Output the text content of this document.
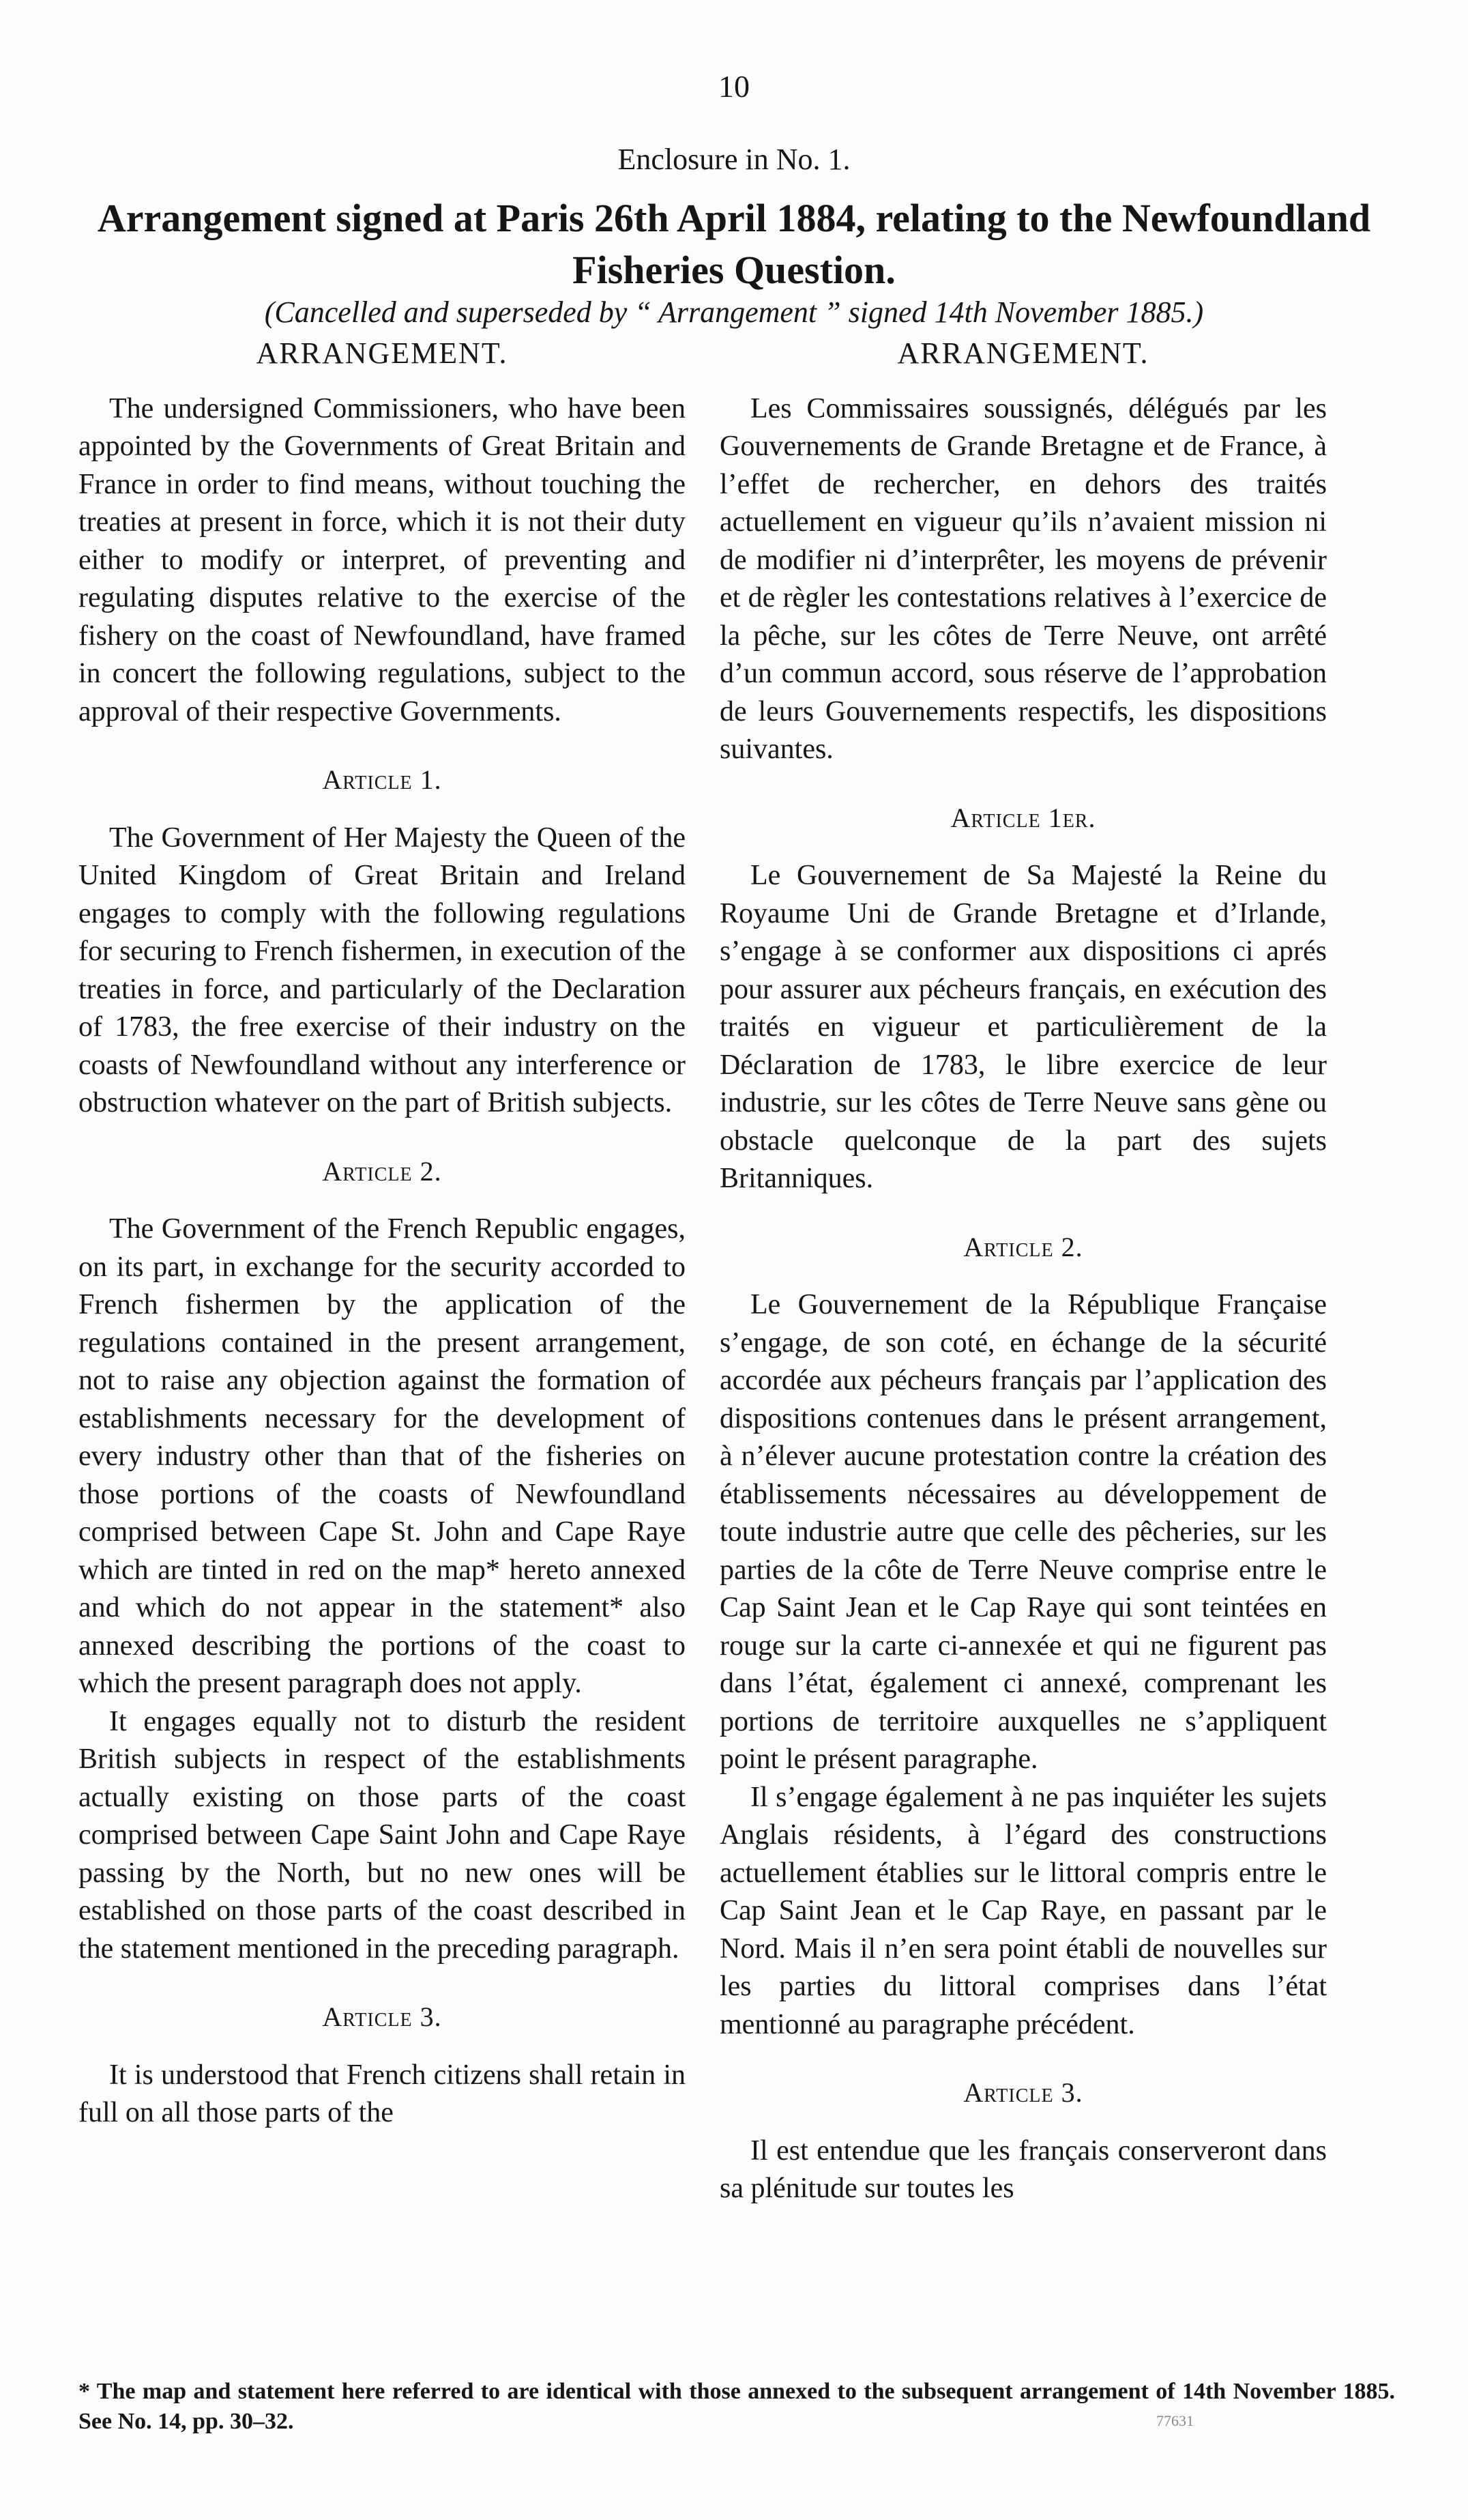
10
Enclosure in No. 1.
Arrangement signed at Paris 26th April 1884, relating to the Newfoundland Fisheries Question.
(Cancelled and superseded by “ Arrangement ” signed 14th November 1885.)
ARRANGEMENT.

The undersigned Commissioners, who have been appointed by the Governments of Great Britain and France in order to find means, without touching the treaties at present in force, which it is not their duty either to modify or interpret, of preventing and regulating disputes relative to the exercise of the fishery on the coast of Newfoundland, have framed in concert the following regulations, subject to the approval of their respective Governments.

Article 1.

The Government of Her Majesty the Queen of the United Kingdom of Great Britain and Ireland engages to comply with the following regulations for securing to French fishermen, in execution of the treaties in force, and particularly of the Declaration of 1783, the free exercise of their industry on the coasts of Newfoundland without any interference or obstruction whatever on the part of British subjects.

Article 2.

The Government of the French Republic engages, on its part, in exchange for the security accorded to French fishermen by the application of the regulations contained in the present arrangement, not to raise any objection against the formation of establishments necessary for the development of every industry other than that of the fisheries on those portions of the coasts of Newfoundland comprised between Cape St. John and Cape Raye which are tinted in red on the map* hereto annexed and which do not appear in the statement* also annexed describing the portions of the coast to which the present paragraph does not apply.

It engages equally not to disturb the resident British subjects in respect of the establishments actually existing on those parts of the coast comprised between Cape Saint John and Cape Raye passing by the North, but no new ones will be established on those parts of the coast described in the statement mentioned in the preceding paragraph.

Article 3.

It is understood that French citizens shall retain in full on all those parts of the

ARRANGEMENT.

Les Commissaires soussignés, délégués par les Gouvernements de Grande Bretagne et de France, à l’effet de rechercher, en dehors des traités actuellement en vigueur qu’ils n’avaient mission ni de modifier ni d’interprêter, les moyens de prévenir et de règler les contestations relatives à l’exercice de la pêche, sur les côtes de Terre Neuve, ont arrêté d’un commun accord, sous réserve de l’approbation de leurs Gouvernements respectifs, les dispositions suivantes.

Article 1er.

Le Gouvernement de Sa Majesté la Reine du Royaume Uni de Grande Bretagne et d’Irlande, s’engage à se conformer aux dispositions ci aprés pour assurer aux pécheurs français, en exécution des traités en vigueur et particulièrement de la Déclaration de 1783, le libre exercice de leur industrie, sur les côtes de Terre Neuve sans gène ou obstacle quelconque de la part des sujets Britanniques.

Article 2.

Le Gouvernement de la République Française s’engage, de son coté, en échange de la sécurité accordée aux pécheurs français par l’application des dispositions contenues dans le présent arrangement, à n’élever aucune protestation contre la création des établissements nécessaires au développement de toute industrie autre que celle des pêcheries, sur les parties de la côte de Terre Neuve comprise entre le Cap Saint Jean et le Cap Raye qui sont teintées en rouge sur la carte ci-annexée et qui ne figurent pas dans l’état, également ci annexé, comprenant les portions de territoire auxquelles ne s’appliquent point le présent paragraphe.

Il s’engage également à ne pas inquiéter les sujets Anglais résidents, à l’égard des constructions actuellement établies sur le littoral compris entre le Cap Saint Jean et le Cap Raye, en passant par le Nord. Mais il n’en sera point établi de nouvelles sur les parties du littoral comprises dans l’état mentionné au paragraphe précédent.

Article 3.

Il est entendue que les français conserveront dans sa plénitude sur toutes les

* The map and statement here referred to are identical with those annexed to the subsequent arrangement of 14th November 1885. See No. 14, pp. 30–32.	77631
